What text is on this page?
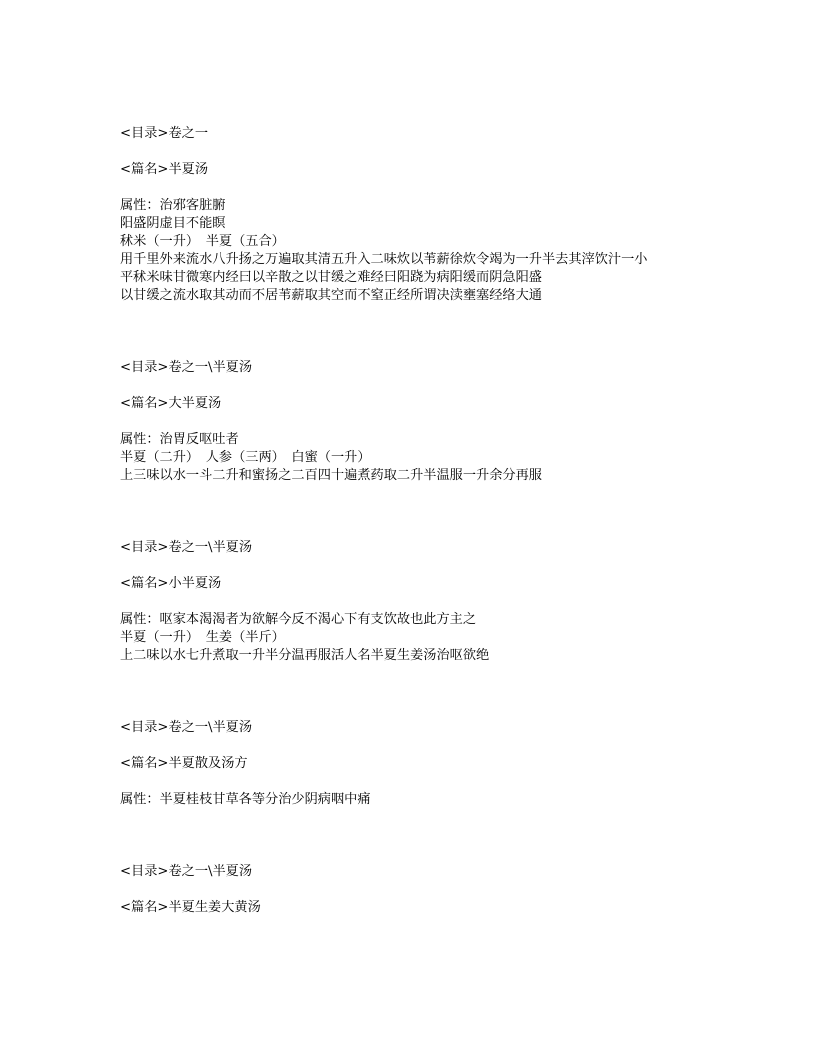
<目录>卷之一
<篇名>半夏汤
属性：治邪客脏腑
阳盛阴虚目不能瞑
秫米（一升）　半夏（五合）
用千里外来流水八升扬之万遍取其清五升入二味炊以苇薪徐炊令竭为一升半去其滓饮汁一小
平秫米味甘微寒内经曰以辛散之以甘缓之难经曰阳跷为病阳缓而阴急阳盛
以甘缓之流水取其动而不居苇薪取其空而不窒正经所谓决渎壅塞经络大通
<目录>卷之一\半夏汤
<篇名>大半夏汤
属性：治胃反呕吐者
半夏（二升）　人参（三两）　白蜜（一升）
上三味以水一斗二升和蜜扬之二百四十遍煮药取二升半温服一升余分再服
<目录>卷之一\半夏汤
<篇名>小半夏汤
属性：呕家本渴渴者为欲解今反不渴心下有支饮故也此方主之
半夏（一升）　生姜（半斤）
上二味以水七升煮取一升半分温再服活人名半夏生姜汤治呕欲绝
<目录>卷之一\半夏汤
<篇名>半夏散及汤方
属性：半夏桂枝甘草各等分治少阴病咽中痛
<目录>卷之一\半夏汤
<篇名>半夏生姜大黄汤
